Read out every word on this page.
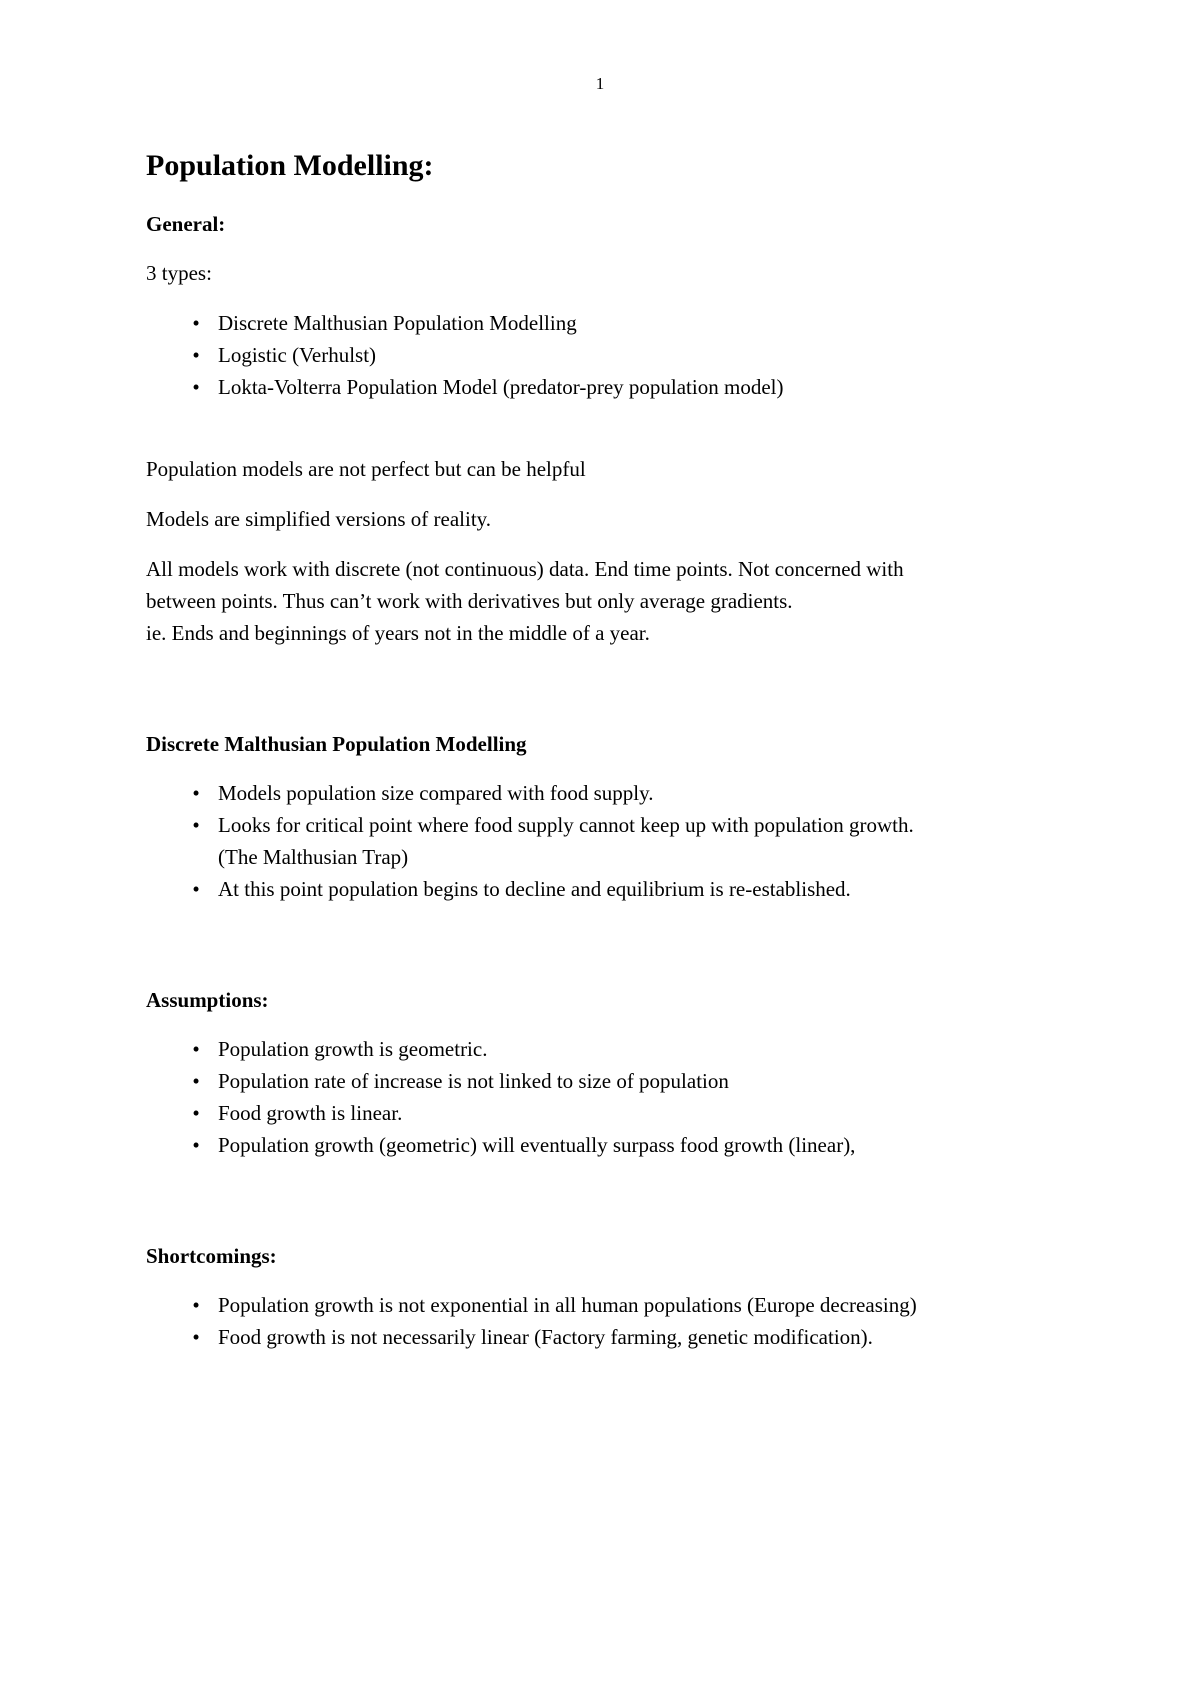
1
Population Modelling:
General:

3 types:

• Discrete Malthusian Population Modelling
• Logistic (Verhulst)
• Lokta-Volterra Population Model (predator-prey population model)

Population models are not perfect but can be helpful

Models are simplified versions of reality.

All models work with discrete (not continuous) data. End time points. Not concerned with

between points. Thus can’t work with derivatives but only average gradients.

ie. Ends and beginnings of years not in the middle of a year.

Discrete Malthusian Population Modelling
• Models population size compared with food supply.
• Looks for critical point where food supply cannot keep up with population growth.
(The Malthusian Trap)
• At this point population begins to decline and equilibrium is re-established.
Assumptions:
• Population growth is geometric.
• Population rate of increase is not linked to size of population
• Food growth is linear.
• Population growth (geometric) will eventually surpass food growth (linear),
Shortcomings:
• Population growth is not exponential in all human populations (Europe decreasing)
• Food growth is not necessarily linear (Factory farming, genetic modification).
